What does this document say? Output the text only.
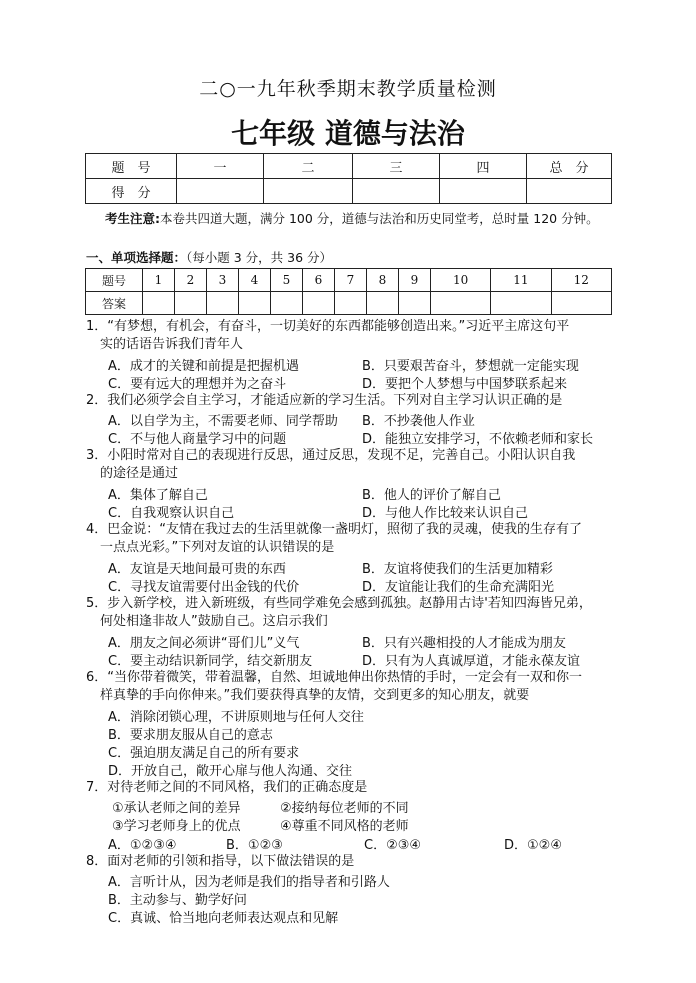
二○一九年秋季期末教学质量检测
七年级 道德与法治
题　号	一	二	三	四	总　分
得　分					
考生注意:本卷共四道大题，满分 100 分，道德与法治和历史同堂考，总时量 120 分钟。
一、单项选择题：（每小题 3 分，共 36 分）
题号	1	2	3	4	5	6	7	8	9	10	11	12
答案												
1．“有梦想，有机会，有奋斗，一切美好的东西都能够创造出来。”习近平主席这句平
实的话语告诉我们青年人
A．成才的关键和前提是把握机遇	B．只要艰苦奋斗，梦想就一定能实现
C．要有远大的理想并为之奋斗	D．要把个人梦想与中国梦联系起来
2．我们必须学会自主学习，才能适应新的学习生活。下列对自主学习认识正确的是
A．以自学为主，不需要老师、同学帮助 B．不抄袭他人作业
C．不与他人商量学习中的问题	D．能独立安排学习，不依赖老师和家长
3．小阳时常对自己的表现进行反思，通过反思，发现不足，完善自己。小阳认识自我
的途径是通过
A．集体了解自己	B．他人的评价了解自己
C．自我观察认识自己	D．与他人作比较来认识自己
4．巴金说：“友情在我过去的生活里就像一盏明灯，照彻了我的灵魂，使我的生存有了
一点点光彩。”下列对友谊的认识错误的是
A．友谊是天地间最可贵的东西	B．友谊将使我们的生活更加精彩
C．寻找友谊需要付出金钱的代价	D．友谊能让我们的生命充满阳光
5．步入新学校，进入新班级，有些同学难免会感到孤独。赵静用古诗'若知四海皆兄弟，
何处相逢非故人”鼓励自己。这启示我们
A．朋友之间必须讲“哥们儿”义气	B．只有兴趣相投的人才能成为朋友
C．要主动结识新同学，结交新朋友	D．只有为人真诚厚道，才能永葆友谊
6．“当你带着微笑，带着温馨，自然、坦诚地伸出你热情的手时，一定会有一双和你一
样真挚的手向你伸来。”我们要获得真挚的友情，交到更多的知心朋友，就要
A．消除闭锁心理，不讲原则地与任何人交往
B．要求朋友服从自己的意志
C．强迫朋友满足自己的所有要求
D．开放自己，敞开心扉与他人沟通、交往
7．对待老师之间的不同风格，我们的正确态度是
①承认老师之间的差异	②接纳每位老师的不同
③学习老师身上的优点	④尊重不同风格的老师
A．①②③④	B．①②③	C．②③④	D．①②④
8．面对老师的引领和指导，以下做法错误的是
A．言听计从，因为老师是我们的指导者和引路人
B．主动参与、勤学好问
C．真诚、恰当地向老师表达观点和见解
